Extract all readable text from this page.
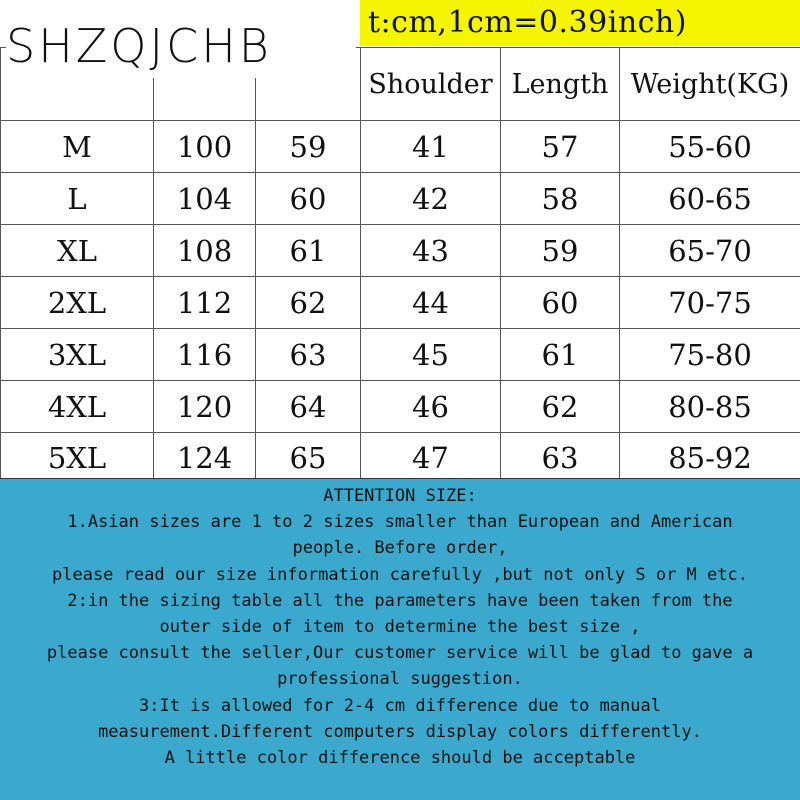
t:cm,1cm=0.39inch)
SHZQJCHB
			Shoulder	Length	Weight(KG)
M	100	59	41	57	55-60
L	104	60	42	58	60-65
XL	108	61	43	59	65-70
2XL	112	62	44	60	70-75
3XL	116	63	45	61	75-80
4XL	120	64	46	62	80-85
5XL	124	65	47	63	85-92
ATTENTION SIZE:
1.Asian sizes are 1 to 2 sizes smaller than European and American
people. Before order,
please read our size information carefully ,but not only S or M etc.
2:in the sizing table all the parameters have been taken from the
outer side of item to determine the best size ,
please consult the seller,Our customer service will be glad to gave a
professional suggestion.
3:It is allowed for 2-4 cm difference due to manual
measurement.Different computers display colors differently.
A little color difference should be acceptable
